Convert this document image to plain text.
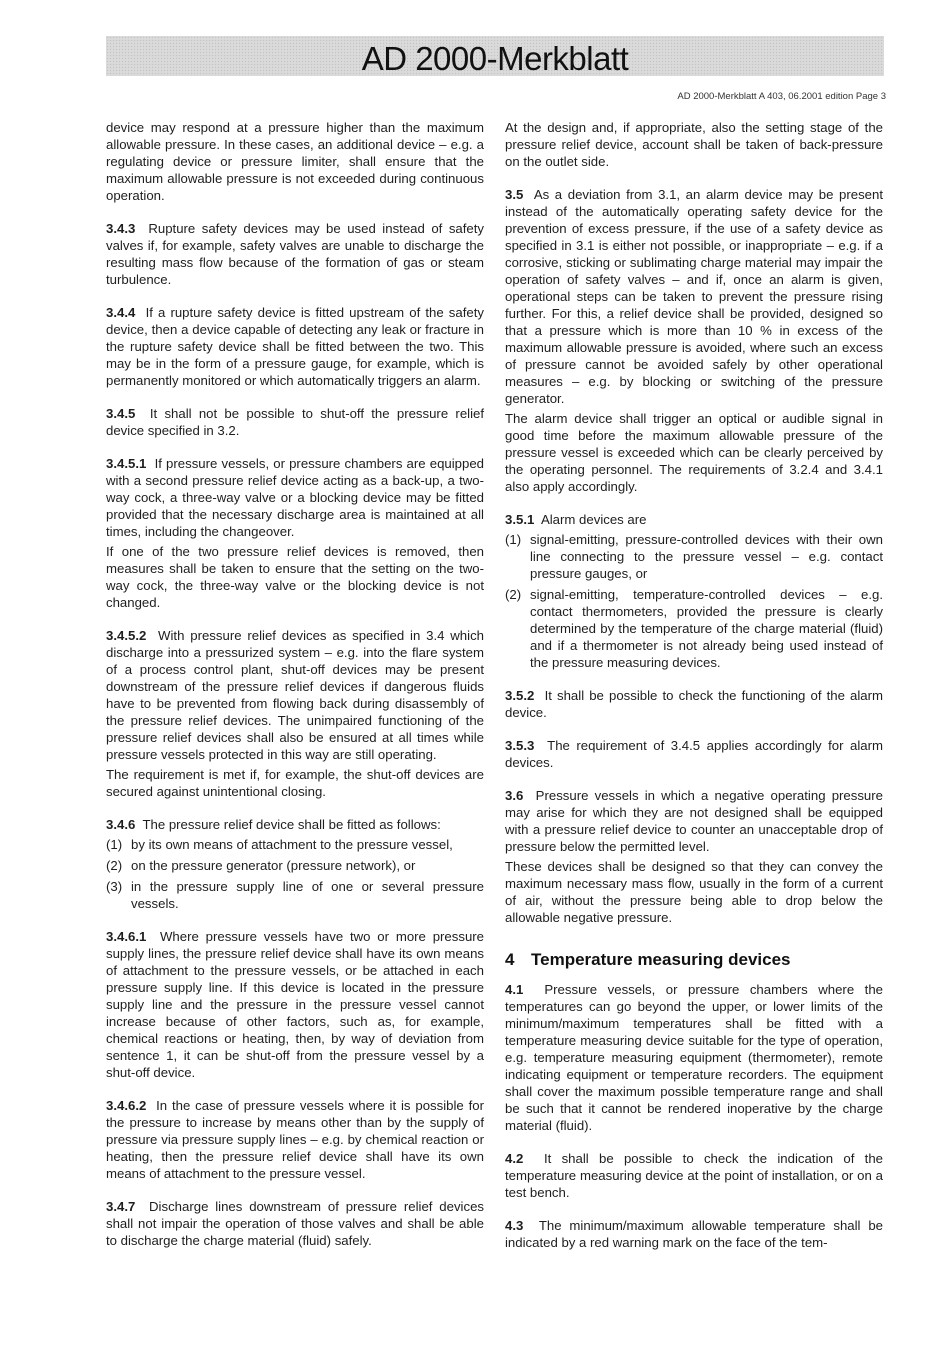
AD 2000-Merkblatt
AD 2000-Merkblatt A 403, 06.2001 edition Page 3

device may respond at a pressure higher than the maximum allowable pressure. In these cases, an additional device – e.g. a regulating device or pressure limiter, shall ensure that the maximum allowable pressure is not exceeded during continuous operation.

3.4.3 Rupture safety devices may be used instead of safety valves if, for example, safety valves are unable to discharge the resulting mass flow because of the formation of gas or steam turbulence.

3.4.4 If a rupture safety device is fitted upstream of the safety device, then a device capable of detecting any leak or fracture in the rupture safety device shall be fitted between the two. This may be in the form of a pressure gauge, for example, which is permanently monitored or which automatically triggers an alarm.

3.4.5 It shall not be possible to shut-off the pressure relief device specified in 3.2.

3.4.5.1 If pressure vessels, or pressure chambers are equipped with a second pressure relief device acting as a back-up, a two-way cock, a three-way valve or a blocking device may be fitted provided that the necessary discharge area is maintained at all times, including the changeover.

If one of the two pressure relief devices is removed, then measures shall be taken to ensure that the setting on the two-way cock, the three-way valve or the blocking device is not changed.

3.4.5.2 With pressure relief devices as specified in 3.4 which discharge into a pressurized system – e.g. into the flare system of a process control plant, shut-off devices may be present downstream of the pressure relief devices if dangerous fluids have to be prevented from flowing back during disassembly of the pressure relief devices. The unimpaired functioning of the pressure relief devices shall also be ensured at all times while pressure vessels protected in this way are still operating.

The requirement is met if, for example, the shut-off devices are secured against unintentional closing.

3.4.6 The pressure relief device shall be fitted as follows:

(1) by its own means of attachment to the pressure vessel,
(2) on the pressure generator (pressure network), or
(3) in the pressure supply line of one or several pressure vessels.

3.4.6.1 Where pressure vessels have two or more pressure supply lines, the pressure relief device shall have its own means of attachment to the pressure vessels, or be attached in each pressure supply line. If this device is located in the pressure supply line and the pressure in the pressure vessel cannot increase because of other factors, such as, for example, chemical reactions or heating, then, by way of deviation from sentence 1, it can be shut-off from the pressure vessel by a shut-off device.

3.4.6.2 In the case of pressure vessels where it is possible for the pressure to increase by means other than by the supply of pressure via pressure supply lines – e.g. by chemical reaction or heating, then the pressure relief device shall have its own means of attachment to the pressure vessel.

3.4.7 Discharge lines downstream of pressure relief devices shall not impair the operation of those valves and shall be able to discharge the charge material (fluid) safely.

At the design and, if appropriate, also the setting stage of the pressure relief device, account shall be taken of back-pressure on the outlet side.

3.5 As a deviation from 3.1, an alarm device may be present instead of the automatically operating safety device for the prevention of excess pressure, if the use of a safety device as specified in 3.1 is either not possible, or inappropriate – e.g. if a corrosive, sticking or sublimating charge material may impair the operation of safety valves – and if, once an alarm is given, operational steps can be taken to prevent the pressure rising further. For this, a relief device shall be provided, designed so that a pressure which is more than 10 % in excess of the maximum allowable pressure is avoided, where such an excess of pressure cannot be avoided safely by other operational measures – e.g. by blocking or switching of the pressure generator.

The alarm device shall trigger an optical or audible signal in good time before the maximum allowable pressure of the pressure vessel is exceeded which can be clearly perceived by the operating personnel. The requirements of 3.2.4 and 3.4.1 also apply accordingly.

3.5.1 Alarm devices are

(1) signal-emitting, pressure-controlled devices with their own line connecting to the pressure vessel – e.g. contact pressure gauges, or
(2) signal-emitting, temperature-controlled devices – e.g. contact thermometers, provided the pressure is clearly determined by the temperature of the charge material (fluid) and if a thermometer is not already being used instead of the pressure measuring devices.

3.5.2 It shall be possible to check the functioning of the alarm device.

3.5.3 The requirement of 3.4.5 applies accordingly for alarm devices.

3.6 Pressure vessels in which a negative operating pressure may arise for which they are not designed shall be equipped with a pressure relief device to counter an unacceptable drop of pressure below the permitted level.

These devices shall be designed so that they can convey the maximum necessary mass flow, usually in the form of a current of air, without the pressure being able to drop below the allowable negative pressure.

4 Temperature measuring devices

4.1 Pressure vessels, or pressure chambers where the temperatures can go beyond the upper, or lower limits of the minimum/maximum temperatures shall be fitted with a temperature measuring device suitable for the type of operation, e.g. temperature measuring equipment (thermometer), remote indicating equipment or temperature recorders. The equipment shall cover the maximum possible temperature range and shall be such that it cannot be rendered inoperative by the charge material (fluid).

4.2 It shall be possible to check the indication of the temperature measuring device at the point of installation, or on a test bench.

4.3 The minimum/maximum allowable temperature shall be indicated by a red warning mark on the face of the tem-
